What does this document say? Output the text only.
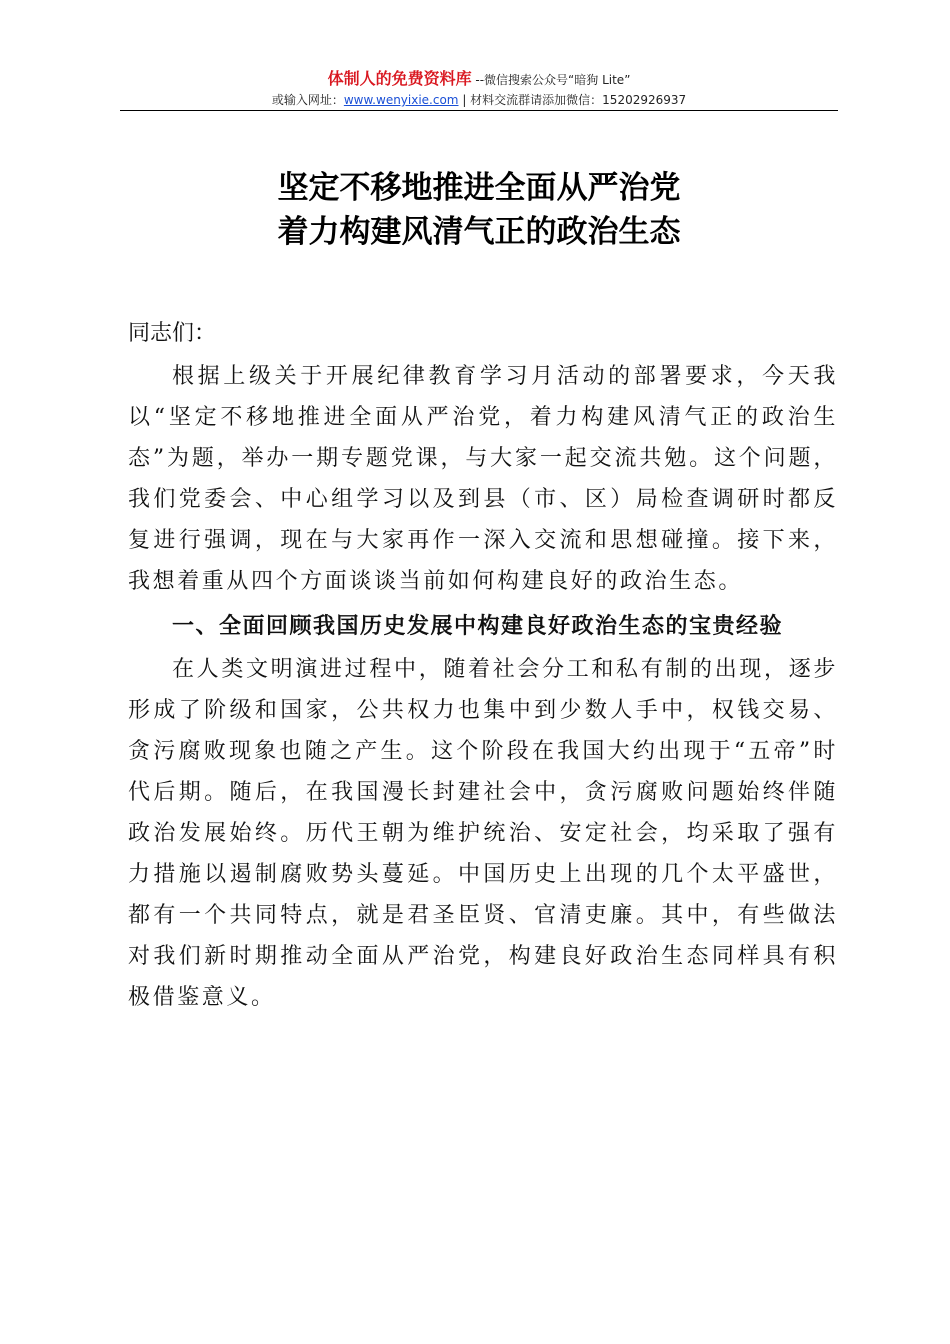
体制人的免费资料库 --微信搜索公众号“暗狗 Lite”
或输入网址：www.wenyixie.com | 材料交流群请添加微信：15202926937
坚定不移地推进全面从严治党
着力构建风清气正的政治生态

同志们：

根据上级关于开展纪律教育学习月活动的部署要求，今天我以“坚定不移地推进全面从严治党，着力构建风清气正的政治生态”为题，举办一期专题党课，与大家一起交流共勉。这个问题，我们党委会、中心组学习以及到县（市、区）局检查调研时都反复进行强调，现在与大家再作一深入交流和思想碰撞。接下来，我想着重从四个方面谈谈当前如何构建良好的政治生态。

一、全面回顾我国历史发展中构建良好政治生态的宝贵经验

在人类文明演进过程中，随着社会分工和私有制的出现，逐步形成了阶级和国家，公共权力也集中到少数人手中，权钱交易、贪污腐败现象也随之产生。这个阶段在我国大约出现于“五帝”时代后期。随后，在我国漫长封建社会中，贪污腐败问题始终伴随政治发展始终。历代王朝为维护统治、安定社会，均采取了强有力措施以遏制腐败势头蔓延。中国历史上出现的几个太平盛世，都有一个共同特点，就是君圣臣贤、官清吏廉。其中，有些做法对我们新时期推动全面从严治党，构建良好政治生态同样具有积极借鉴意义。
